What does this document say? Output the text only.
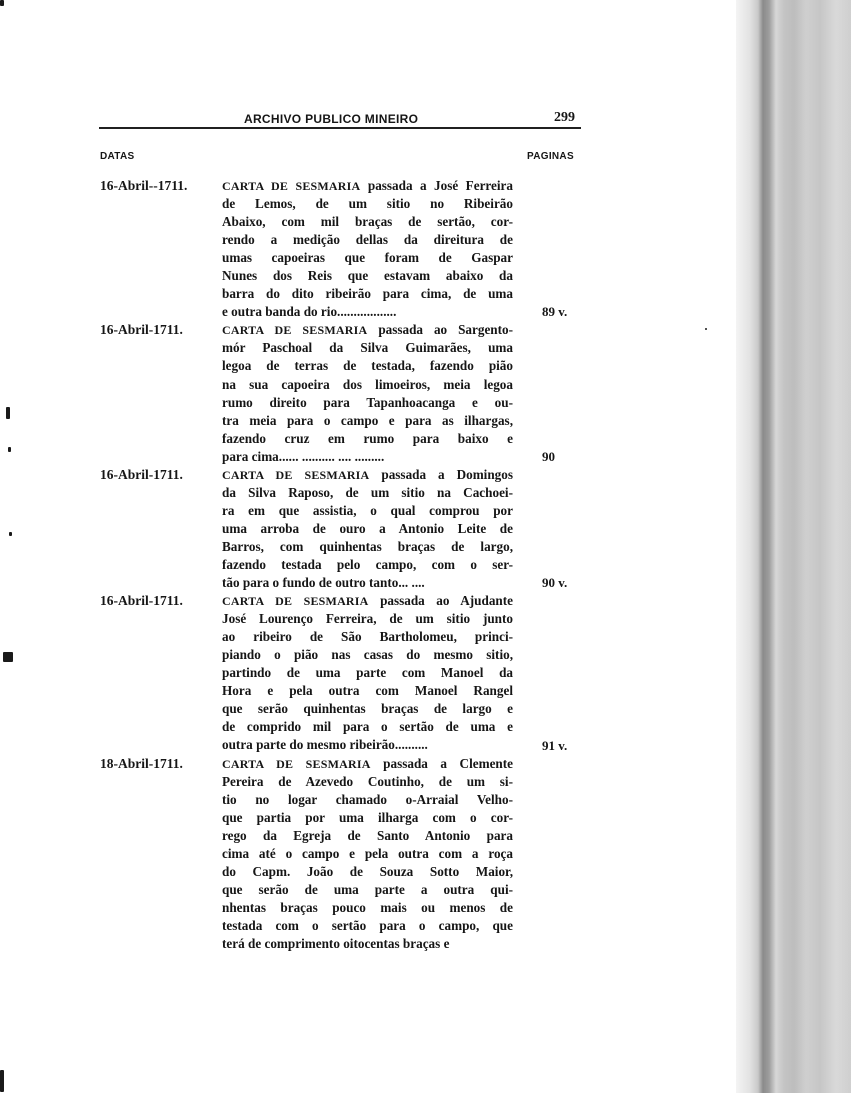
ARCHIVO PUBLICO MINEIRO	299
DATAS	PAGINAS
16-Abril--1711.	CARTA DE SESMARIA passada a José Ferreira
de Lemos, de um sitio no Ribeirão
Abaixo, com mil braças de sertão, cor-
rendo a medição dellas da direitura de
umas capoeiras que foram de Gaspar
Nunes dos Reis que estavam abaixo da
barra do dito ribeirão para cima, de uma
e outra banda do rio..................	89 v.
16-Abril-1711.	CARTA DE SESMARIA passada ao Sargento-
mór Paschoal da Silva Guimarães, uma
legoa de terras de testada, fazendo pião
na sua capoeira dos limoeiros, meia legoa
rumo direito para Tapanhoacanga e ou-
tra meia para o campo e para as ilhargas,
fazendo cruz em rumo para baixo e
para cima...... .......... .... .........	90
16-Abril-1711.	CARTA DE SESMARIA passada a Domingos
da Silva Raposo, de um sitio na Cachoei-
ra em que assistia, o qual comprou por
uma arroba de ouro a Antonio Leite de
Barros, com quinhentas braças de largo,
fazendo testada pelo campo, com o ser-
tão para o fundo de outro tanto... ....	90 v.
16-Abril-1711.	CARTA DE SESMARIA passada ao Ajudante
José Lourenço Ferreira, de um sitio junto
ao ribeiro de São Bartholomeu, princi-
piando o pião nas casas do mesmo sitio,
partindo de uma parte com Manoel da
Hora e pela outra com Manoel Rangel
que serão quinhentas braças de largo e
de comprido mil para o sertão de uma e
outra parte do mesmo ribeirão..........	91 v.
18-Abril-1711.	CARTA DE SESMARIA passada a Clemente
Pereira de Azevedo Coutinho, de um si-
tio no logar chamado o-Arraial Velho-
que partia por uma ilharga com o cor-
rego da Egreja de Santo Antonio para
cima até o campo e pela outra com a roça
do Capm. João de Souza Sotto Maior,
que serão de uma parte a outra qui-
nhentas braças pouco mais ou menos de
testada com o sertão para o campo, que
terá de comprimento oitocentas braças e
